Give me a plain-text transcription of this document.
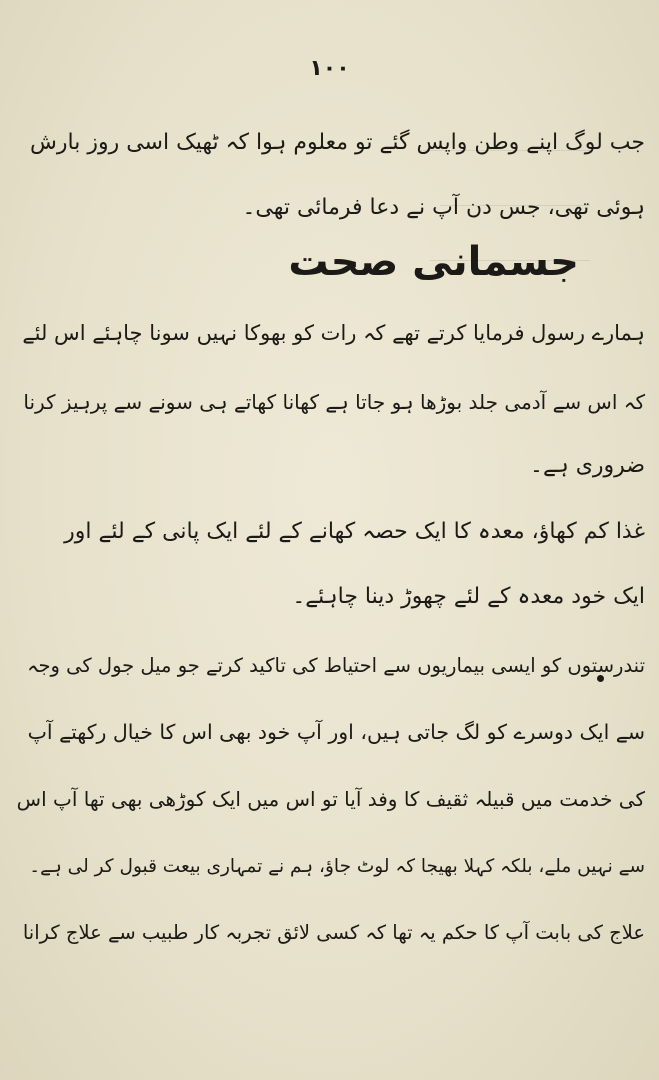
١٠٠
جب لوگ اپنے وطن واپس گئے تو معلوم ہوا کہ ٹھیک اسی روز بارش
ہوئی تھی، جس دن آپ نے دعا فرمائی تھی۔
جسمانی صحت
ہمارے رسول فرمایا کرتے تھے کہ رات کو بھوکا نہیں سونا چاہئے اس لئے
کہ اس سے آدمی جلد بوڑھا ہو جاتا ہے کھانا کھاتے ہی سونے سے پرہیز کرنا
ضروری ہے۔
غذا کم کھاؤ، معدہ کا ایک حصہ کھانے کے لئے ایک پانی کے لئے اور
ایک خود معدہ کے لئے چھوڑ دینا چاہئے۔
تندرستوں کو ایسی بیماریوں سے احتیاط کی تاکید کرتے جو میل جول کی وجہ
سے ایک دوسرے کو لگ جاتی ہیں، اور آپ خود بھی اس کا خیال رکھتے آپ
کی خدمت میں قبیلہ ثقیف کا وفد آیا تو اس میں ایک کوڑھی بھی تھا آپ اس
سے نہیں ملے، بلکہ کہلا بھیجا کہ لوٹ جاؤ، ہم نے تمہاری بیعت قبول کر لی ہے۔
علاج کی بابت آپ کا حکم یہ تھا کہ کسی لائق تجربہ کار طبیب سے علاج کرانا
